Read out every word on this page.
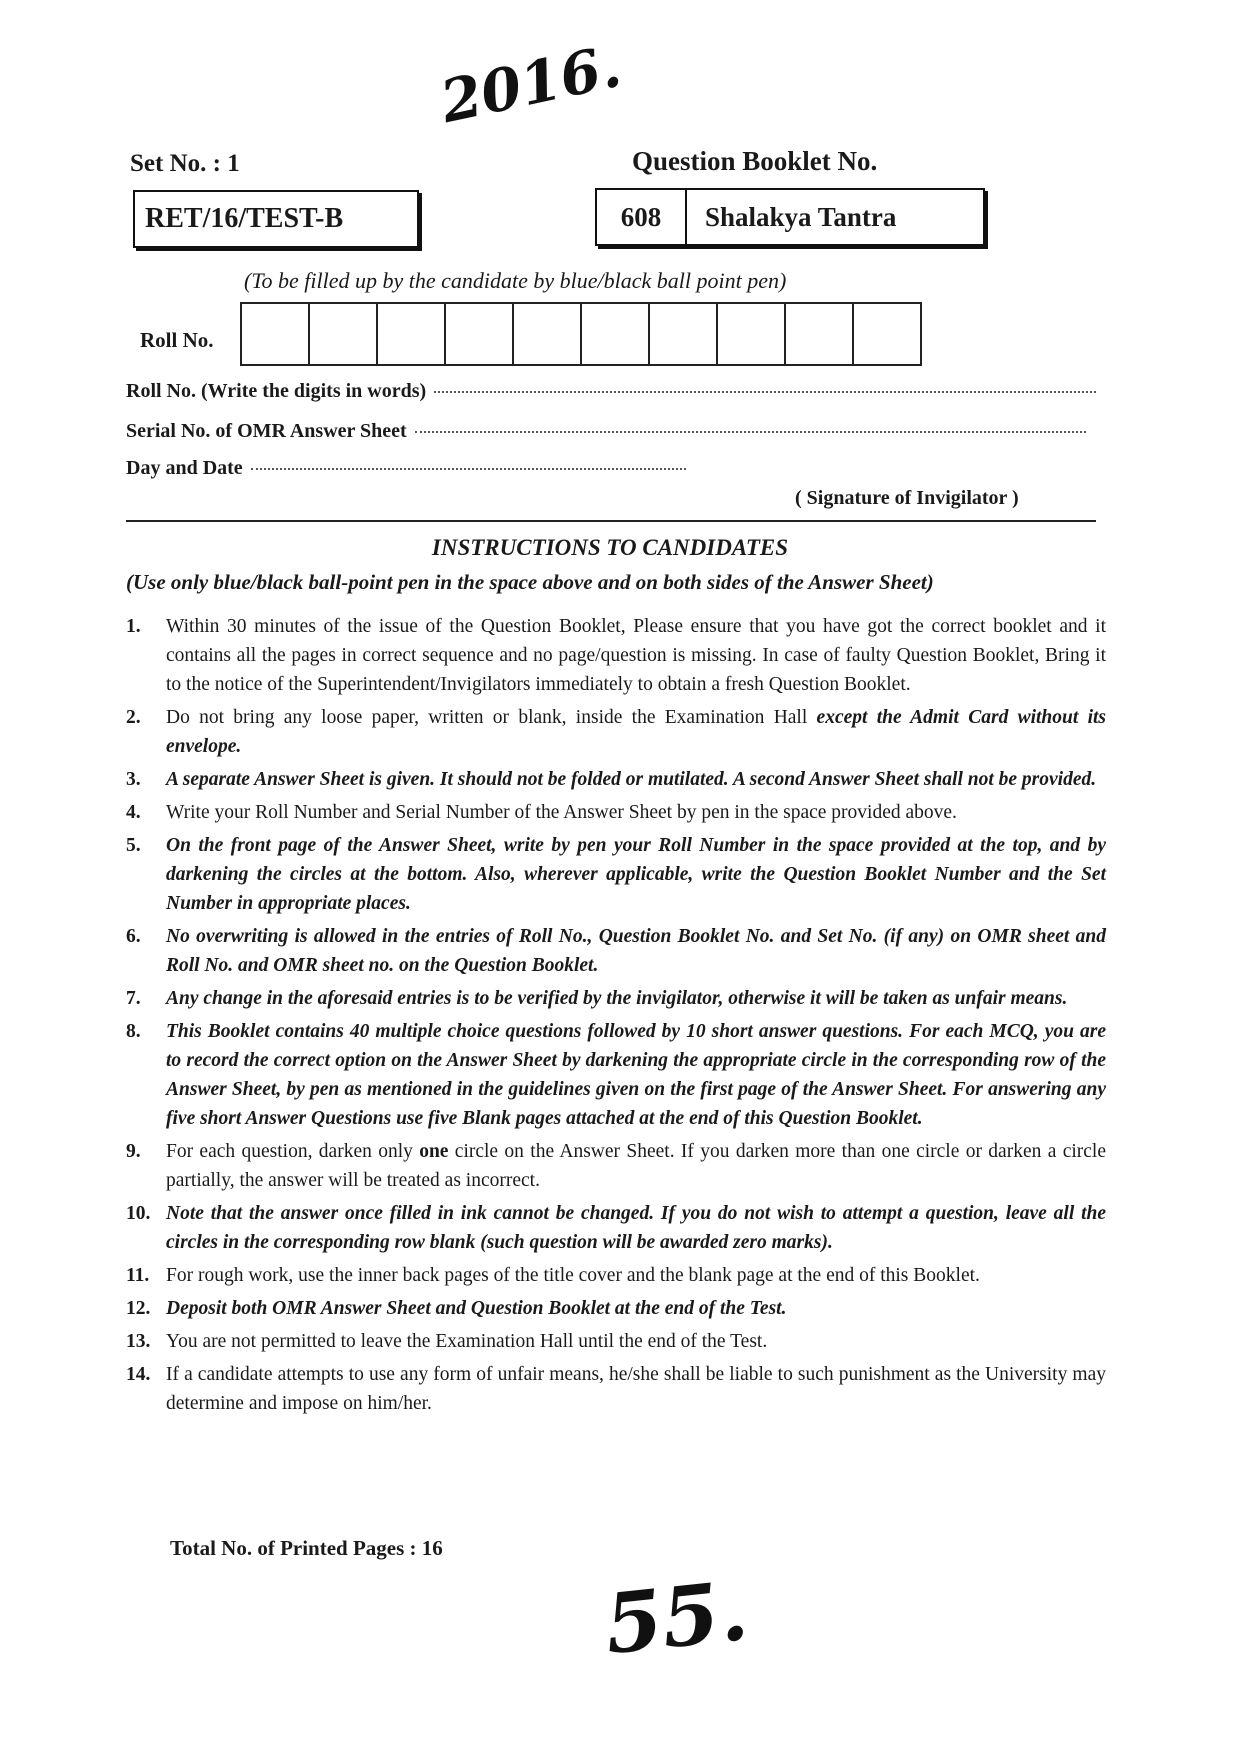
2016.
Set No. : 1	Question Booklet No.
RET/16/TEST-B	608	Shalakya Tantra
(To be filled up by the candidate by blue/black ball point pen)
Roll No.
Roll No. (Write the digits in words)
Serial No. of OMR Answer Sheet
Day and Date
( Signature of Invigilator )
INSTRUCTIONS TO CANDIDATES
(Use only blue/black ball-point pen in the space above and on both sides of the Answer Sheet)
1.	Within 30 minutes of the issue of the Question Booklet, Please ensure that you have got the correct booklet and it contains all the pages in correct sequence and no page/question is missing. In case of faulty Question Booklet, Bring it to the notice of the Superintendent/Invigilators immediately to obtain a fresh Question Booklet.
2.	Do not bring any loose paper, written or blank, inside the Examination Hall except the Admit Card without its envelope.
3.	A separate Answer Sheet is given. It should not be folded or mutilated. A second Answer Sheet shall not be provided.
4.	Write your Roll Number and Serial Number of the Answer Sheet by pen in the space provided above.
5.	On the front page of the Answer Sheet, write by pen your Roll Number in the space provided at the top, and by darkening the circles at the bottom. Also, wherever applicable, write the Question Booklet Number and the Set Number in appropriate places.
6.	No overwriting is allowed in the entries of Roll No., Question Booklet No. and Set No. (if any) on OMR sheet and Roll No. and OMR sheet no. on the Question Booklet.
7.	Any change in the aforesaid entries is to be verified by the invigilator, otherwise it will be taken as unfair means.
8.	This Booklet contains 40 multiple choice questions followed by 10 short answer questions. For each MCQ, you are to record the correct option on the Answer Sheet by darkening the appropriate circle in the corresponding row of the Answer Sheet, by pen as mentioned in the guidelines given on the first page of the Answer Sheet. For answering any five short Answer Questions use five Blank pages attached at the end of this Question Booklet.
9.	For each question, darken only one circle on the Answer Sheet. If you darken more than one circle or darken a circle partially, the answer will be treated as incorrect.
10. Note that the answer once filled in ink cannot be changed. If you do not wish to attempt a question, leave all the circles in the corresponding row blank (such question will be awarded zero marks).
11. For rough work, use the inner back pages of the title cover and the blank page at the end of this Booklet.
12. Deposit both OMR Answer Sheet and Question Booklet at the end of the Test.
13. You are not permitted to leave the Examination Hall until the end of the Test.
14. If a candidate attempts to use any form of unfair means, he/she shall be liable to such punishment as the University may determine and impose on him/her.
Total No. of Printed Pages : 16
55.
